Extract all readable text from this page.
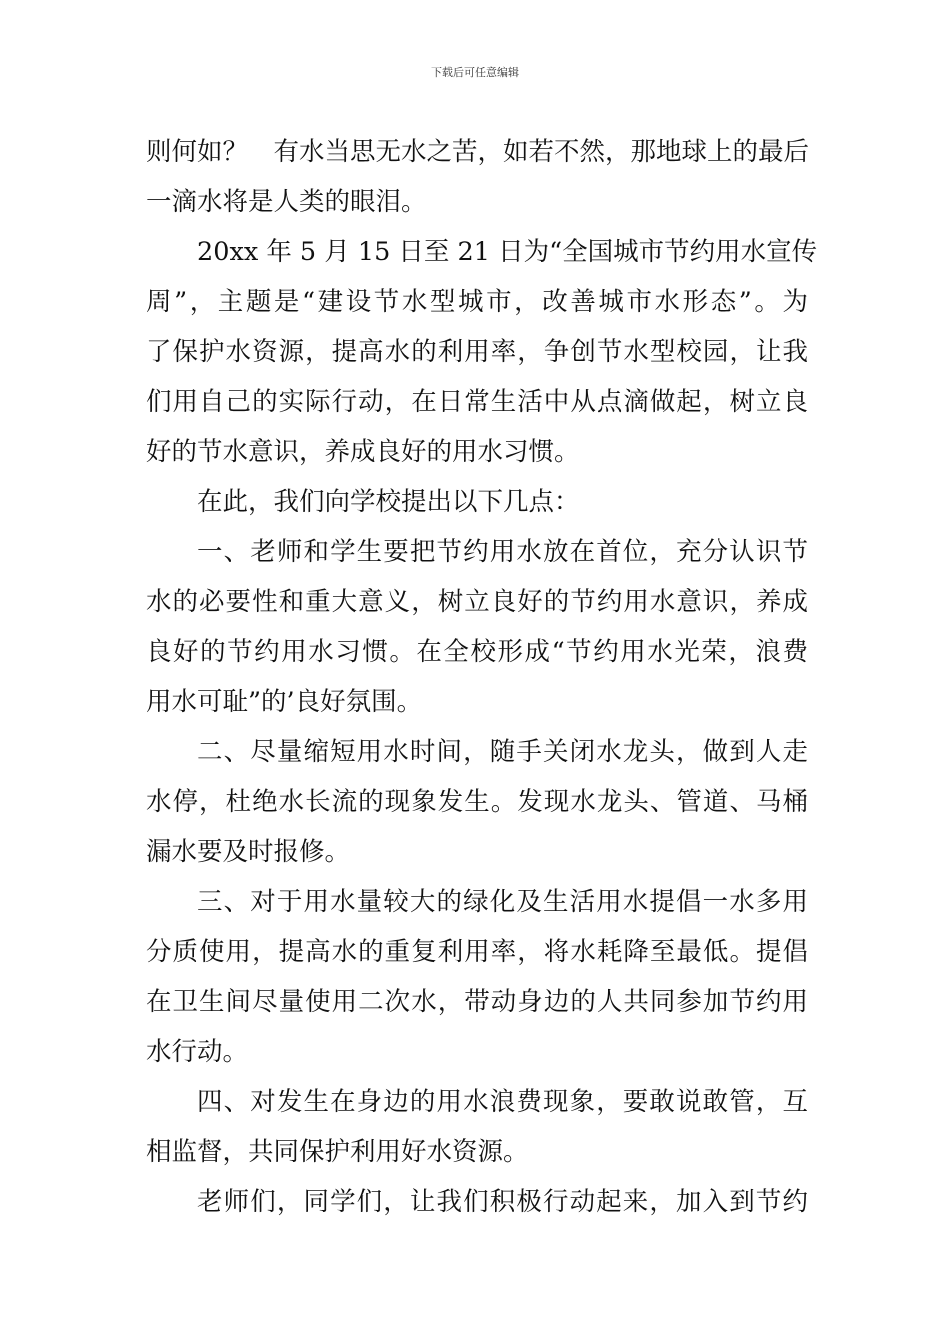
下载后可任意编辑
则何如？　有水当思无水之苦，如若不然，那地球上的最后
一滴水将是人类的眼泪。
20xx 年 5 月 15 日至 21 日为“全国城市节约用水宣传
周”，主题是“建设节水型城市，改善城市水形态”。为
了保护水资源，提高水的利用率，争创节水型校园，让我
们用自己的实际行动，在日常生活中从点滴做起，树立良
好的节水意识，养成良好的用水习惯。
在此，我们向学校提出以下几点：
一、老师和学生要把节约用水放在首位，充分认识节
水的必要性和重大意义，树立良好的节约用水意识，养成
良好的节约用水习惯。在全校形成“节约用水光荣，浪费
用水可耻”的’良好氛围。
二、尽量缩短用水时间，随手关闭水龙头，做到人走
水停，杜绝水长流的现象发生。发现水龙头、管道、马桶
漏水要及时报修。
三、对于用水量较大的绿化及生活用水提倡一水多用
分质使用，提高水的重复利用率，将水耗降至最低。提倡
在卫生间尽量使用二次水，带动身边的人共同参加节约用
水行动。
四、对发生在身边的用水浪费现象，要敢说敢管，互
相监督，共同保护利用好水资源。
老师们，同学们，让我们积极行动起来，加入到节约
